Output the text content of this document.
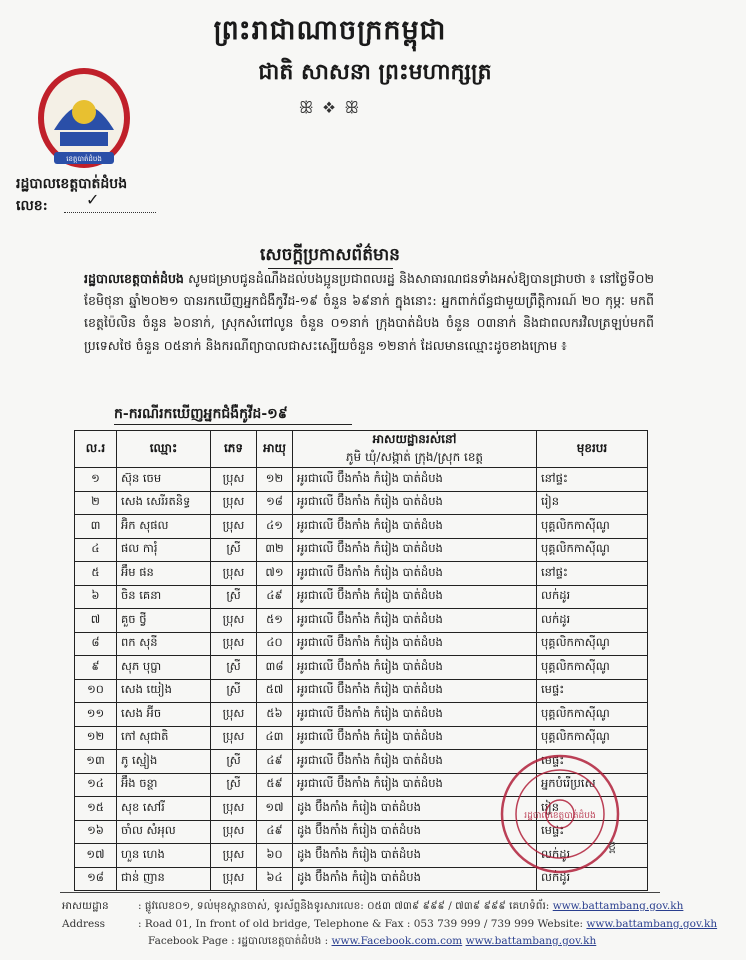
ព្រះរាជាណាចក្រកម្ពុជា
ជាតិ សាសនា ព្រះមហាក្សត្រ
ꕥ ❖ ꕥ
ខេត្តបាត់ដំបង
រដ្ឋបាលខេត្តបាត់ដំបង
លេខ: ✓
សេចក្តីប្រកាសព័ត៌មាន
រដ្ឋបាលខេត្តបាត់ដំបង សូមជម្រាបជូនដំណឹងដល់បងប្អូនប្រជាពលរដ្ឋ និងសាធារណជនទាំងអស់ឱ្យបានជ្រាបថា ៖ នៅថ្ងៃទី០២ ខែមិថុនា ឆ្នាំ២០២១ បានរកឃើញអ្នកជំងឺកូវីដ-១៩ ចំនួន ៦៩នាក់ ក្នុងនោះ: អ្នកពាក់ព័ន្ធជាមួយព្រឹត្តិការណ៍ ២០ កុម្ភៈ មកពីខេត្តប៉ៃលិន ចំនួន ៦០នាក់, ស្រុកសំពៅលូន ចំនួន ០១នាក់ ក្រុងបាត់ដំបង ចំនួន ០៣នាក់ និងជាពលករវិលត្រឡប់មកពីប្រទេសថៃ ចំនួន ០៥នាក់ និងករណីព្យាបាលជាសះស្បើយចំនួន ១២នាក់ ដែលមានឈ្មោះដូចខាងក្រោម ៖
ក-ករណីរកឃើញអ្នកជំងឺកូវីដ-១៩
ល.រ	ឈ្មោះ	ភេទ	អាយុ	អាសយដ្ឋានរស់នៅ	មុខរបរ
				ភូមិ ឃុំ/សង្កាត់ ក្រុង/ស្រុក ខេត្ត	
១	ស៊ុន ចេម	ប្រុស	១២	អូរជាលើ ប៊ឹងកាំង កំរៀង បាត់ដំបង	នៅផ្ទះ
២	សេង សេរីរតនិទ្ធ	ប្រុស	១៨	អូរជាលើ ប៊ឹងកាំង កំរៀង បាត់ដំបង	រៀន
៣	អ៊ិក សុផល	ប្រុស	៤១	អូរជាលើ ប៊ឹងកាំង កំរៀង បាត់ដំបង	បុគ្គលិកកាស៊ីណូ
៤	ផល ការុំ	ស្រី	៣២	អូរជាលើ ប៊ឹងកាំង កំរៀង បាត់ដំបង	បុគ្គលិកកាស៊ីណូ
៥	អ៊ឹម ផន	ប្រុស	៧១	អូរជាលើ ប៊ឹងកាំង កំរៀង បាត់ដំបង	នៅផ្ទះ
៦	ចិន គេនា	ស្រី	៤៩	អូរជាលើ ប៊ឹងកាំង កំរៀង បាត់ដំបង	លក់ដូរ
៧	គួច ថ្វី	ប្រុស	៥១	អូរជាលើ ប៊ឹងកាំង កំរៀង បាត់ដំបង	លក់ដូរ
៨	ពក សុនី	ប្រុស	៤០	អូរជាលើ ប៊ឹងកាំង កំរៀង បាត់ដំបង	បុគ្គលិកកាស៊ីណូ
៩	សុភ បុប្ផា	ស្រី	៣៨	អូរជាលើ ប៊ឹងកាំង កំរៀង បាត់ដំបង	បុគ្គលិកកាស៊ីណូ
១០	សេង យៀង	ស្រី	៥៧	អូរជាលើ ប៊ឹងកាំង កំរៀង បាត់ដំបង	មេផ្ទះ
១១	សេង អ៊ីច	ប្រុស	៥៦	អូរជាលើ ប៊ឹងកាំង កំរៀង បាត់ដំបង	បុគ្គលិកកាស៊ីណូ
១២	កៅ សុជាតិ	ប្រុស	៤៣	អូរជាលើ ប៊ឹងកាំង កំរៀង បាត់ដំបង	បុគ្គលិកកាស៊ីណូ
១៣	ភូ ស្មៀង	ស្រី	៤៩	អូរជាលើ ប៊ឹងកាំង កំរៀង បាត់ដំបង	មេផ្ទះ
១៤	អ៊ឹង ចន្ថា	ស្រី	៥៩	អូរជាលើ ប៊ឹងកាំង កំរៀង បាត់ដំបង	អ្នកបំរើប្រសេ
១៥	សុខ សៅរី	ប្រុស	១៧	ដូង ប៊ឹងកាំង កំរៀង បាត់ដំបង	រៀន
១៦	ចាំល សំអុល	ប្រុស	៤៩	ដូង ប៊ឹងកាំង កំរៀង បាត់ដំបង	មេផ្ទះ
១៧	ហួន ហេង	ប្រុស	៦០	ដូង ប៊ឹងកាំង កំរៀង បាត់ដំបង	លក់ដូរ
១៨	ជាន់ ញាន	ប្រុស	៦៤	ដូង ប៊ឹងកាំង កំរៀង បាត់ដំបង	លក់ដូរ
រដ្ឋបាលខេត្តបាត់ដំបង
ខ្ព
អាសយដ្ឋាន	: ផ្លូវលេខ០១, ទល់មុខស្ពានចាស់, ទូរស័ព្ទនិងទូរសារលេខ: ០៥៣ ៧៣៩ ៩៩៩ / ៧៣៩ ៩៩៩ គេហទំព័រ: www.battambang.gov.kh
Address	: Road 01, In front of old bridge, Telephone & Fax : 053 739 999 / 739 999 Website: www.battambang.gov.kh
Facebook Page : រដ្ឋបាលខេត្តបាត់ដំបង : www.Facebook.com.com www.battambang.gov.kh
